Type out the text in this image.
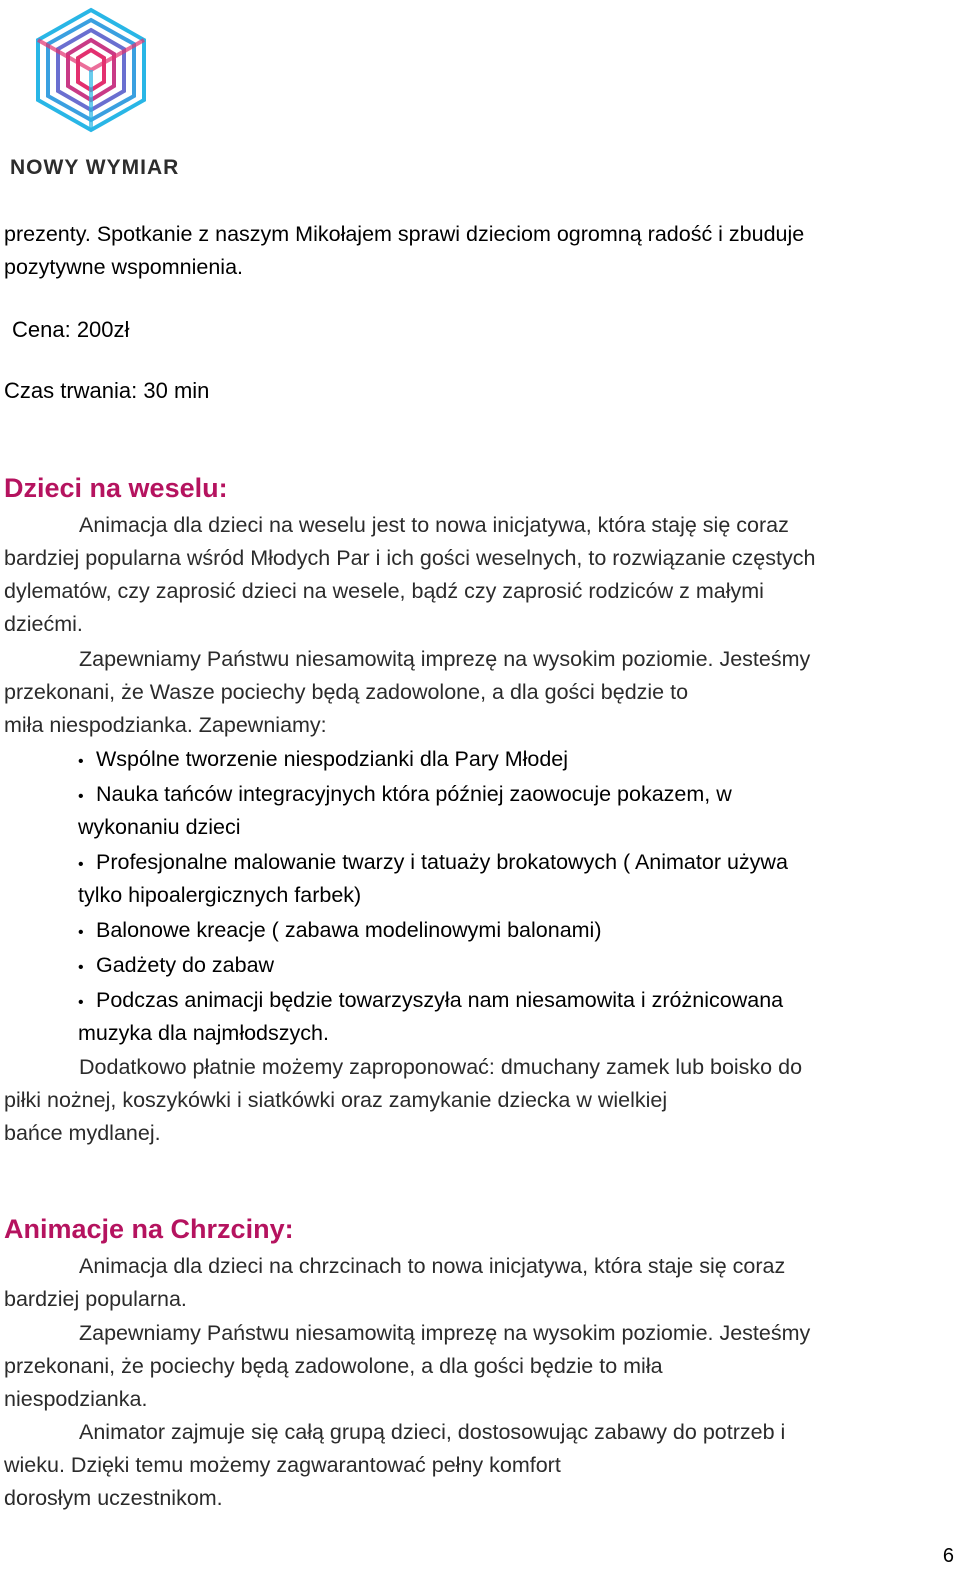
NOWY WYMIAR

prezenty. Spotkanie z naszym Mikołajem sprawi dzieciom ogromną radość i zbuduje

pozytywne wspomnienia.

Cena: 200zł

Czas trwania: 30 min

Dzieci na weselu:

Animacja dla dzieci na weselu jest to nowa inicjatywa, która staję się coraz

bardziej popularna wśród Młodych Par i ich gości weselnych, to rozwiązanie częstych

dylematów, czy zaprosić dzieci na wesele, bądź czy zaprosić rodziców z małymi

dziećmi.

Zapewniamy Państwu niesamowitą imprezę na wysokim poziomie. Jesteśmy

przekonani, że Wasze pociechy będą zadowolone, a dla gości będzie to

miła niespodzianka. Zapewniamy:

• Wspólne tworzenie niespodzianki dla Pary Młodej
• Nauka tańców integracyjnych która później zaowocuje pokazem, w
wykonaniu dzieci
• Profesjonalne malowanie twarzy i tatuaży brokatowych ( Animator używa
tylko hipoalergicznych farbek)
• Balonowe kreacje ( zabawa modelinowymi balonami)
• Gadżety do zabaw
• Podczas animacji będzie towarzyszyła nam niesamowita i zróżnicowana
muzyka dla najmłodszych.

Dodatkowo płatnie możemy zaproponować: dmuchany zamek lub boisko do

piłki nożnej, koszykówki i siatkówki oraz zamykanie dziecka w wielkiej

bańce mydlanej.

Animacje na Chrzciny:

Animacja dla dzieci na chrzcinach to nowa inicjatywa, która staje się coraz

bardziej popularna.

Zapewniamy Państwu niesamowitą imprezę na wysokim poziomie. Jesteśmy

przekonani, że pociechy będą zadowolone, a dla gości będzie to miła

niespodzianka.

Animator zajmuje się całą grupą dzieci, dostosowując zabawy do potrzeb i

wieku. Dzięki temu możemy zagwarantować pełny komfort

dorosłym uczestnikom.

6
